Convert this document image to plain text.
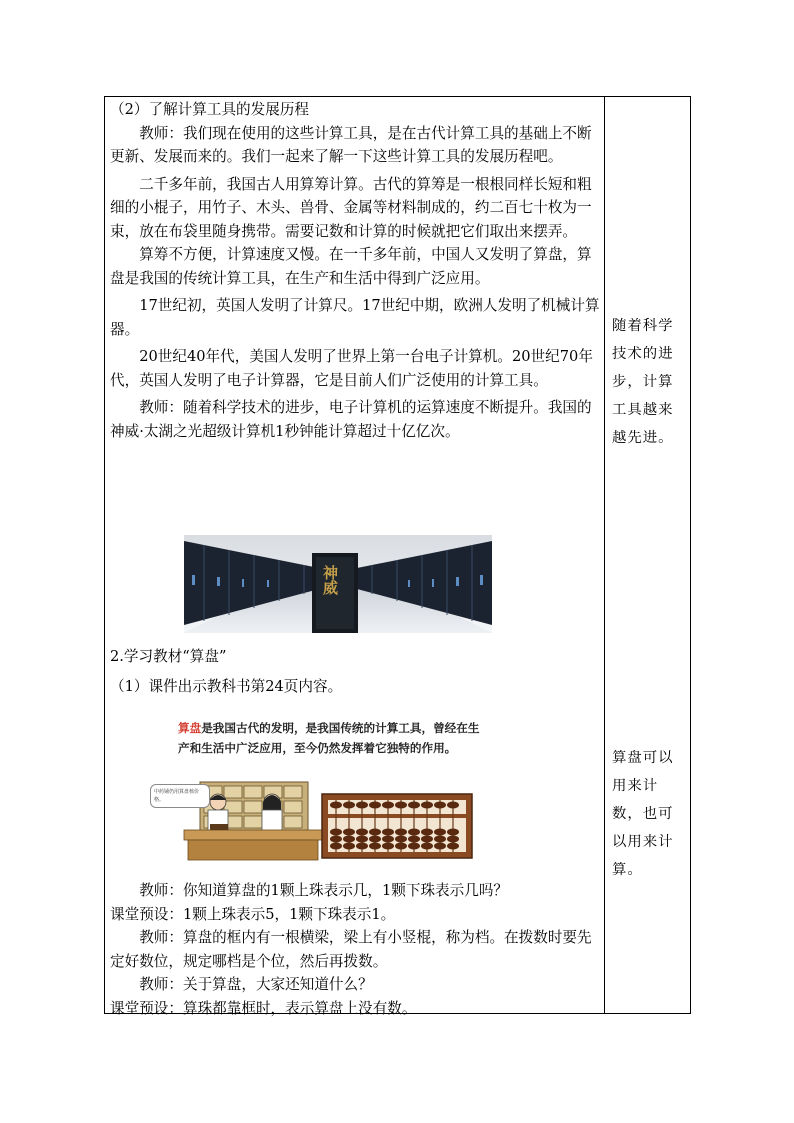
（2）了解计算工具的发展历程

教师：我们现在使用的这些计算工具，是在古代计算工具的基础上不断更新、发展而来的。我们一起来了解一下这些计算工具的发展历程吧。

二千多年前，我国古人用算筹计算。古代的算筹是一根根同样长短和粗细的小棍子，用竹子、木头、兽骨、金属等材料制成的，约二百七十枚为一束，放在布袋里随身携带。需要记数和计算的时候就把它们取出来摆弄。

算筹不方便，计算速度又慢。在一千多年前，中国人又发明了算盘，算盘是我国的传统计算工具，在生产和生活中得到广泛应用。

17世纪初，英国人发明了计算尺。17世纪中期，欧洲人发明了机械计算器。

20世纪40年代，美国人发明了世界上第一台电子计算机。20世纪70年代，英国人发明了电子计算器，它是目前人们广泛使用的计算工具。

教师：随着科学技术的进步，电子计算机的运算速度不断提升。我国的神威·太湖之光超级计算机1秒钟能计算超过十亿亿次。

神威

2.学习教材“算盘”

（1）课件出示教科书第24页内容。

算盘是我国古代的发明，是我国传统的计算工具，曾经在生产和生活中广泛应用，至今仍然发挥着它独特的作用。
中药铺仍用算盘核价格。

教师：你知道算盘的1颗上珠表示几，1颗下珠表示几吗？

课堂预设：1颗上珠表示5，1颗下珠表示1。

教师：算盘的框内有一根横梁，梁上有小竖棍，称为档。在拨数时要先定好数位，规定哪档是个位，然后再拨数。

教师：关于算盘，大家还知道什么？

课堂预设：算珠都靠框时，表示算盘上没有数。

随着科学技术的进步，计算工具越来越先进。
算盘可以用来计数，也可以用来计算。
